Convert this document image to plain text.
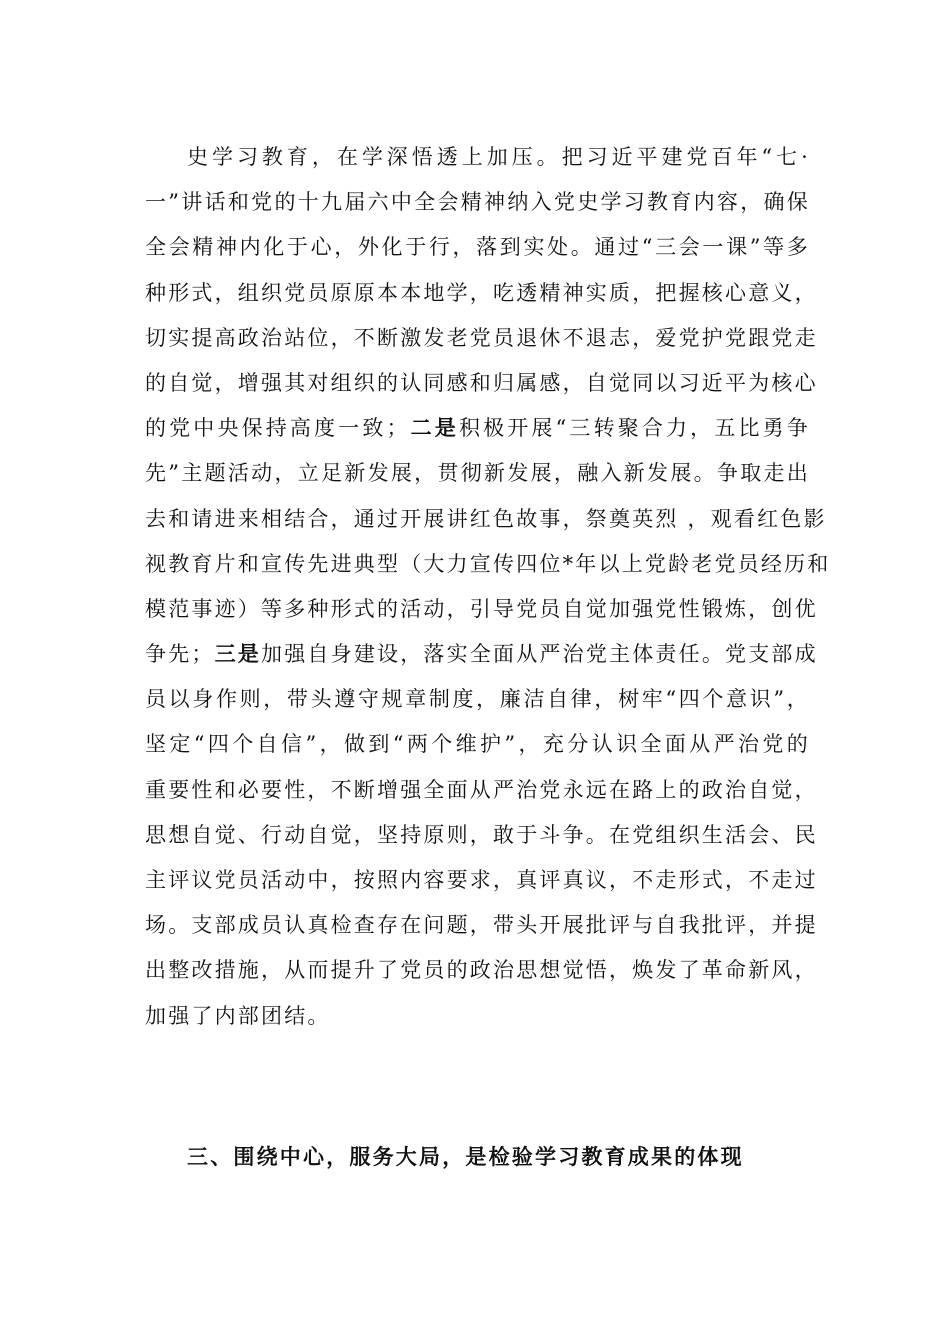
史学习教育，在学深悟透上加压。把习近平建党百年“七·
一”讲话和党的十九届六中全会精神纳入党史学习教育内容，确保
全会精神内化于心，外化于行，落到实处。通过“三会一课”等多
种形式，组织党员原原本本地学，吃透精神实质，把握核心意义，
切实提高政治站位，不断激发老党员退休不退志，爱党护党跟党走
的自觉，增强其对组织的认同感和归属感，自觉同以习近平为核心
的党中央保持高度一致；二是积极开展“三转聚合力，五比勇争
先”主题活动，立足新发展，贯彻新发展，融入新发展。争取走出
去和请进来相结合，通过开展讲红色故事，祭奠英烈 ，观看红色影
视教育片和宣传先进典型（大力宣传四位*年以上党龄老党员经历和
模范事迹）等多种形式的活动，引导党员自觉加强党性锻炼，创优
争先；三是加强自身建设，落实全面从严治党主体责任。党支部成
员以身作则，带头遵守规章制度，廉洁自律，树牢“四个意识”，
坚定“四个自信”，做到“两个维护”，充分认识全面从严治党的
重要性和必要性，不断增强全面从严治党永远在路上的政治自觉，
思想自觉、行动自觉，坚持原则，敢于斗争。在党组织生活会、民
主评议党员活动中，按照内容要求，真评真议，不走形式，不走过
场。支部成员认真检查存在问题，带头开展批评与自我批评，并提
出整改措施，从而提升了党员的政治思想觉悟，焕发了革命新风，
加强了内部团结。
三、围绕中心，服务大局，是检验学习教育成果的体现
